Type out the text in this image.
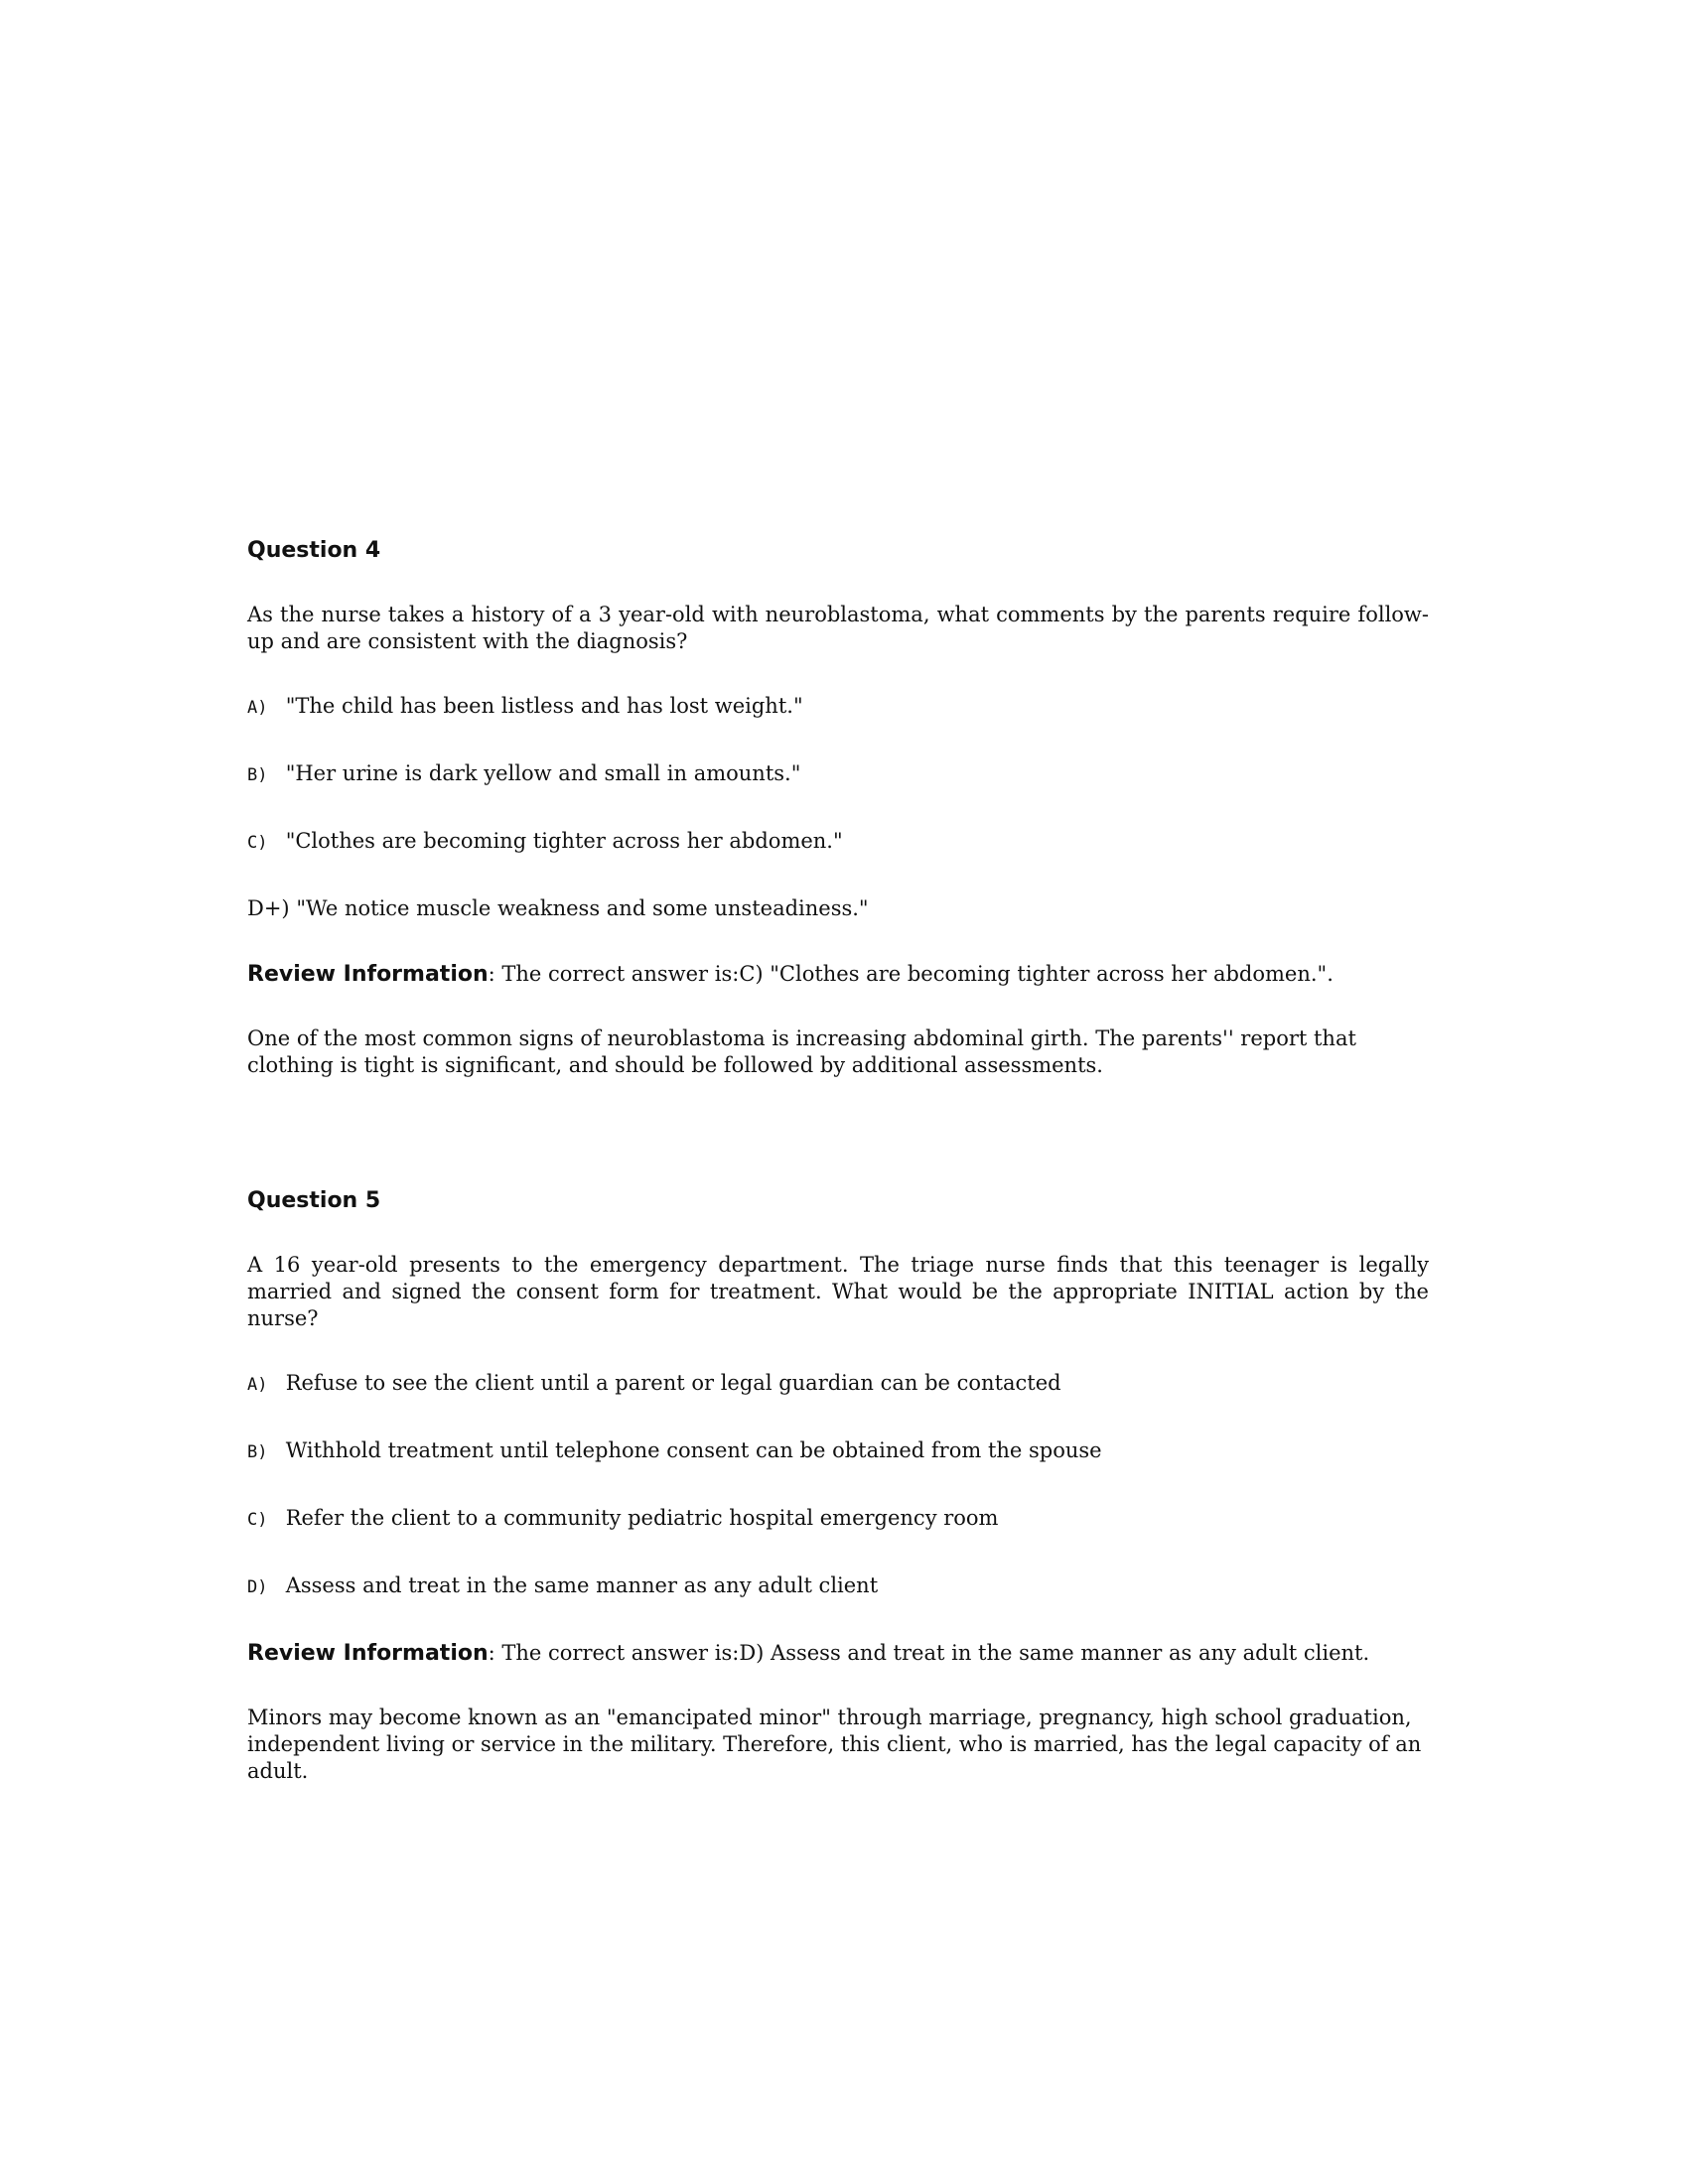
Question 4
As the nurse takes a history of a 3 year-old with neuroblastoma, what comments by the parents require follow-up and are consistent with the diagnosis?
A) "The child has been listless and has lost weight."
B) "Her urine is dark yellow and small in amounts."
C) "Clothes are becoming tighter across her abdomen."
D+) "We notice muscle weakness and some unsteadiness."
Review Information: The correct answer is:C) "Clothes are becoming tighter across her abdomen.".
One of the most common signs of neuroblastoma is increasing abdominal girth. The parents'' report that clothing is tight is significant, and should be followed by additional assessments.
Question 5
A 16 year-old presents to the emergency department. The triage nurse finds that this teenager is legally married and signed the consent form for treatment. What would be the appropriate INITIAL action by the nurse?
A) Refuse to see the client until a parent or legal guardian can be contacted
B) Withhold treatment until telephone consent can be obtained from the spouse
C) Refer the client to a community pediatric hospital emergency room
D) Assess and treat in the same manner as any adult client
Review Information: The correct answer is:D) Assess and treat in the same manner as any adult client.
Minors may become known as an "emancipated minor" through marriage, pregnancy, high school graduation, independent living or service in the military. Therefore, this client, who is married, has the legal capacity of an adult.
